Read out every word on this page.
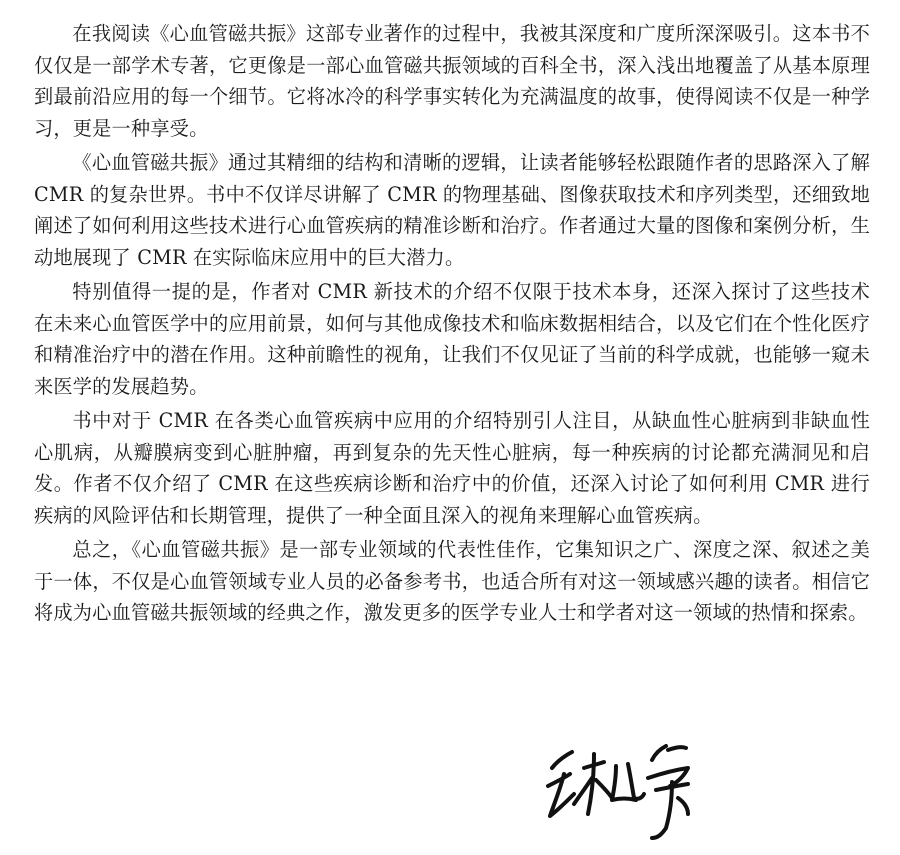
在我阅读《心血管磁共振》这部专业著作的过程中，我被其深度和广度所深深吸引。这本书不仅仅是一部学术专著，它更像是一部心血管磁共振领域的百科全书，深入浅出地覆盖了从基本原理到最前沿应用的每一个细节。它将冰冷的科学事实转化为充满温度的故事，使得阅读不仅是一种学习，更是一种享受。

《心血管磁共振》通过其精细的结构和清晰的逻辑，让读者能够轻松跟随作者的思路深入了解 CMR 的复杂世界。书中不仅详尽讲解了 CMR 的物理基础、图像获取技术和序列类型，还细致地阐述了如何利用这些技术进行心血管疾病的精准诊断和治疗。作者通过大量的图像和案例分析，生动地展现了 CMR 在实际临床应用中的巨大潜力。

特别值得一提的是，作者对 CMR 新技术的介绍不仅限于技术本身，还深入探讨了这些技术在未来心血管医学中的应用前景，如何与其他成像技术和临床数据相结合，以及它们在个性化医疗和精准治疗中的潜在作用。这种前瞻性的视角，让我们不仅见证了当前的科学成就，也能够一窥未来医学的发展趋势。

书中对于 CMR 在各类心血管疾病中应用的介绍特别引人注目，从缺血性心脏病到非缺血性心肌病，从瓣膜病变到心脏肿瘤，再到复杂的先天性心脏病，每一种疾病的讨论都充满洞见和启发。作者不仅介绍了 CMR 在这些疾病诊断和治疗中的价值，还深入讨论了如何利用 CMR 进行疾病的风险评估和长期管理，提供了一种全面且深入的视角来理解心血管疾病。

总之，《心血管磁共振》是一部专业领域的代表性佳作，它集知识之广、深度之深、叙述之美于一体，不仅是心血管领域专业人员的必备参考书，也适合所有对这一领域感兴趣的读者。相信它将成为心血管磁共振领域的经典之作，激发更多的医学专业人士和学者对这一领域的热情和探索。
